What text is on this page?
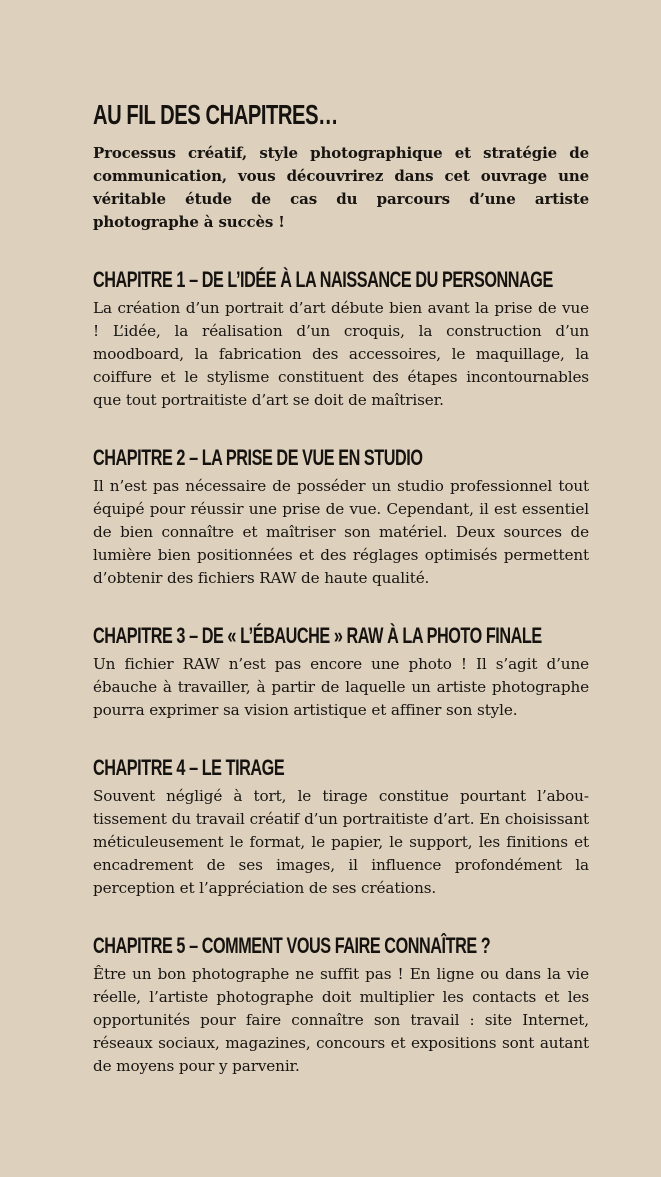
AU FIL DES CHAPITRES…

Processus créatif, style photographique et stratégie de communication, vous découvrirez dans cet ouvrage une véritable étude de cas du parcours d’une artiste photographe à succès !

CHAPITRE 1 – DE L’IDÉE À LA NAISSANCE DU PERSONNAGE

La création d’un portrait d’art débute bien avant la prise de vue ! L’idée, la réalisation d’un croquis, la construction d’un moodboard, la fabrication des accessoires, le maquillage, la coiffure et le stylisme constituent des étapes incontournables que tout portraitiste d’art se doit de maîtriser.

CHAPITRE 2 – LA PRISE DE VUE EN STUDIO

Il n’est pas nécessaire de posséder un studio professionnel tout équipé pour réussir une prise de vue. Cependant, il est essentiel de bien connaître et maîtriser son matériel. Deux sources de lumière bien positionnées et des réglages optimisés permettent d’obtenir des fichiers RAW de haute qualité.

CHAPITRE 3 – DE « L’ÉBAUCHE » RAW À LA PHOTO FINALE

Un fichier RAW n’est pas encore une photo ! Il s’agit d’une ébauche à travailler, à partir de laquelle un artiste photographe pourra exprimer sa vision artistique et affiner son style.

CHAPITRE 4 – LE TIRAGE

Souvent négligé à tort, le tirage constitue pourtant l’aboutissement du travail créatif d’un portraitiste d’art. En choisissant méticuleusement le format, le papier, le support, les finitions et encadrement de ses images, il influence profondément la perception et l’appréciation de ses créations.

CHAPITRE 5 – COMMENT VOUS FAIRE CONNAÎTRE ?

Être un bon photographe ne suffit pas ! En ligne ou dans la vie réelle, l’artiste photographe doit multiplier les contacts et les opportunités pour faire connaître son travail : site Internet, réseaux sociaux, magazines, concours et expositions sont autant de moyens pour y parvenir.
